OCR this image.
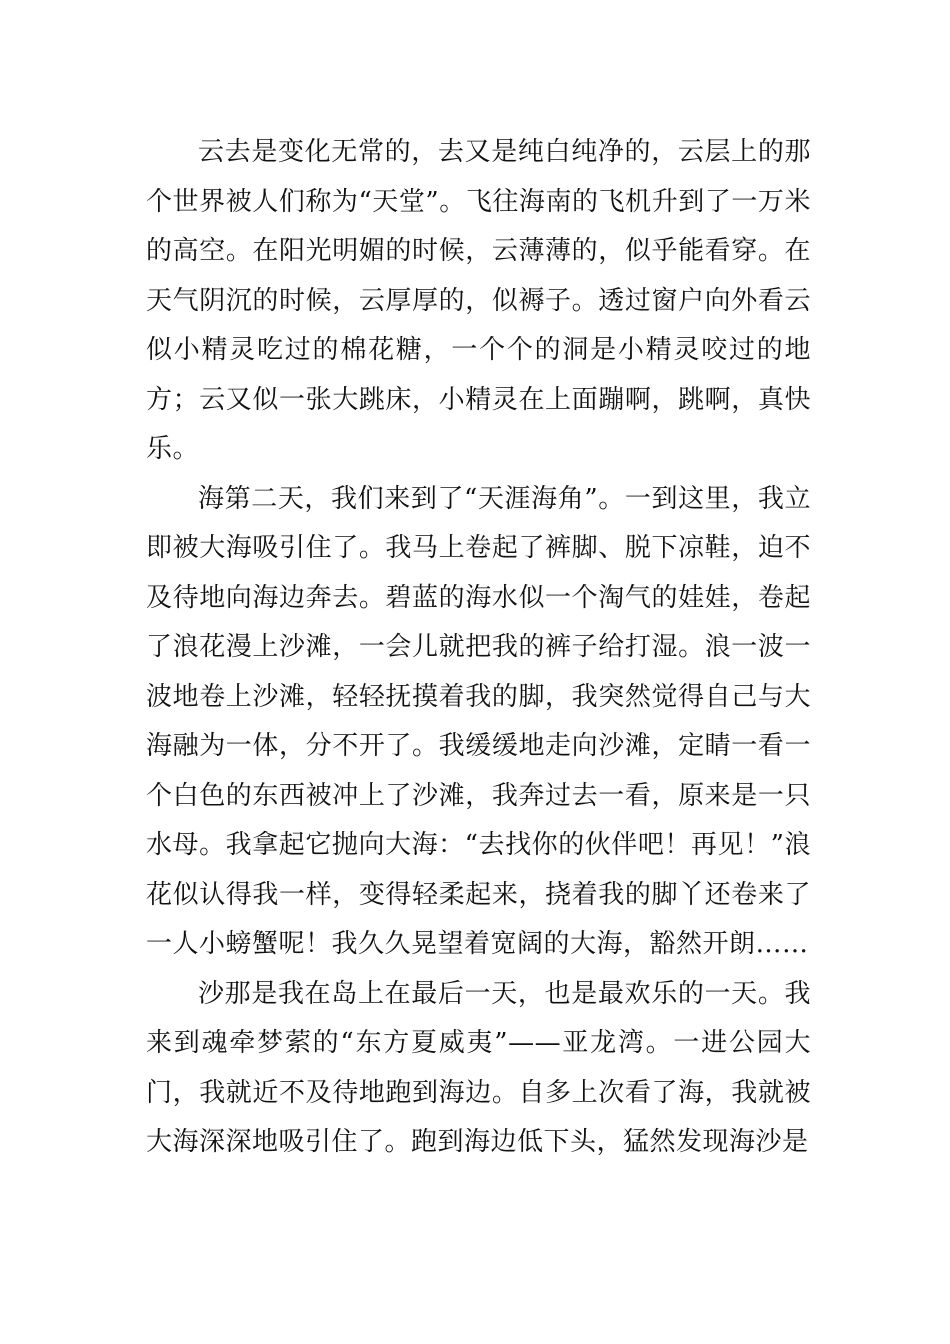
云去是变化无常的，去又是纯白纯净的，云层上的那个世界被人们称为“天堂”。飞往海南的飞机升到了一万米的高空。在阳光明媚的时候，云薄薄的，似乎能看穿。在天气阴沉的时候，云厚厚的，似褥子。透过窗户向外看云似小精灵吃过的棉花糖，一个个的洞是小精灵咬过的地方；云又似一张大跳床，小精灵在上面蹦啊，跳啊，真快乐。

海第二天，我们来到了“天涯海角”。一到这里，我立即被大海吸引住了。我马上卷起了裤脚、脱下凉鞋，迫不及待地向海边奔去。碧蓝的海水似一个淘气的娃娃，卷起了浪花漫上沙滩，一会儿就把我的裤子给打湿。浪一波一波地卷上沙滩，轻轻抚摸着我的脚，我突然觉得自己与大海融为一体，分不开了。我缓缓地走向沙滩，定睛一看一个白色的东西被冲上了沙滩，我奔过去一看，原来是一只水母。我拿起它抛向大海：“去找你的伙伴吧！再见！”浪花似认得我一样，变得轻柔起来，挠着我的脚丫还卷来了一人小螃蟹呢！我久久晃望着宽阔的大海，豁然开朗……

沙那是我在岛上在最后一天，也是最欢乐的一天。我来到魂牵梦萦的“东方夏威夷”——亚龙湾。一进公园大门，我就近不及待地跑到海边。自多上次看了海，我就被大海深深地吸引住了。跑到海边低下头，猛然发现海沙是
